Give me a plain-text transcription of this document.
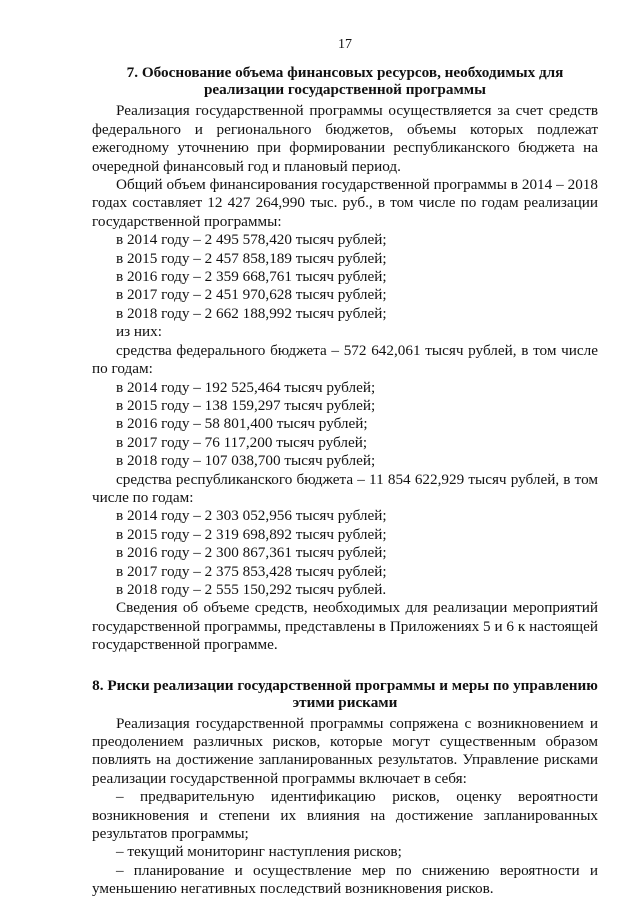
17
7. Обоснование объема финансовых ресурсов, необходимых для
реализации государственной программы

Реализация государственной программы осуществляется за счет средств федерального и регионального бюджетов, объемы которых подлежат ежегодному уточнению при формировании республиканского бюджета на очередной финансовый год и плановый период.

Общий объем финансирования государственной программы в 2014 – 2018 годах составляет 12 427 264,990 тыс. руб., в том числе по годам реализации государственной программы:

в 2014 году – 2 495 578,420 тысяч рублей;

в 2015 году – 2 457 858,189 тысяч рублей;

в 2016 году – 2 359 668,761 тысяч рублей;

в 2017 году – 2 451 970,628 тысяч рублей;

в 2018 году – 2 662 188,992 тысяч рублей;

из них:

средства федерального бюджета – 572 642,061 тысяч рублей, в том числе по годам:

в 2014 году – 192 525,464 тысяч рублей;

в 2015 году – 138 159,297 тысяч рублей;

в 2016 году – 58 801,400 тысяч рублей;

в 2017 году – 76 117,200 тысяч рублей;

в 2018 году – 107 038,700 тысяч рублей;

средства республиканского бюджета – 11 854 622,929 тысяч рублей, в том числе по годам:

в 2014 году – 2 303 052,956 тысяч рублей;

в 2015 году – 2 319 698,892 тысяч рублей;

в 2016 году – 2 300 867,361 тысяч рублей;

в 2017 году – 2 375 853,428 тысяч рублей;

в 2018 году – 2 555 150,292 тысяч рублей.

Сведения об объеме средств, необходимых для реализации мероприятий государственной программы, представлены в Приложениях 5 и 6 к настоящей государственной программе.

8. Риски реализации государственной программы и меры по управлению
этими рисками

Реализация государственной программы сопряжена с возникновением и преодолением различных рисков, которые могут существенным образом повлиять на достижение запланированных результатов. Управление рисками реализации государственной программы включает в себя:

– предварительную идентификацию рисков, оценку вероятности возникновения и степени их влияния на достижение запланированных результатов программы;

– текущий мониторинг наступления рисков;

– планирование и осуществление мер по снижению вероятности и уменьшению негативных последствий возникновения рисков.
